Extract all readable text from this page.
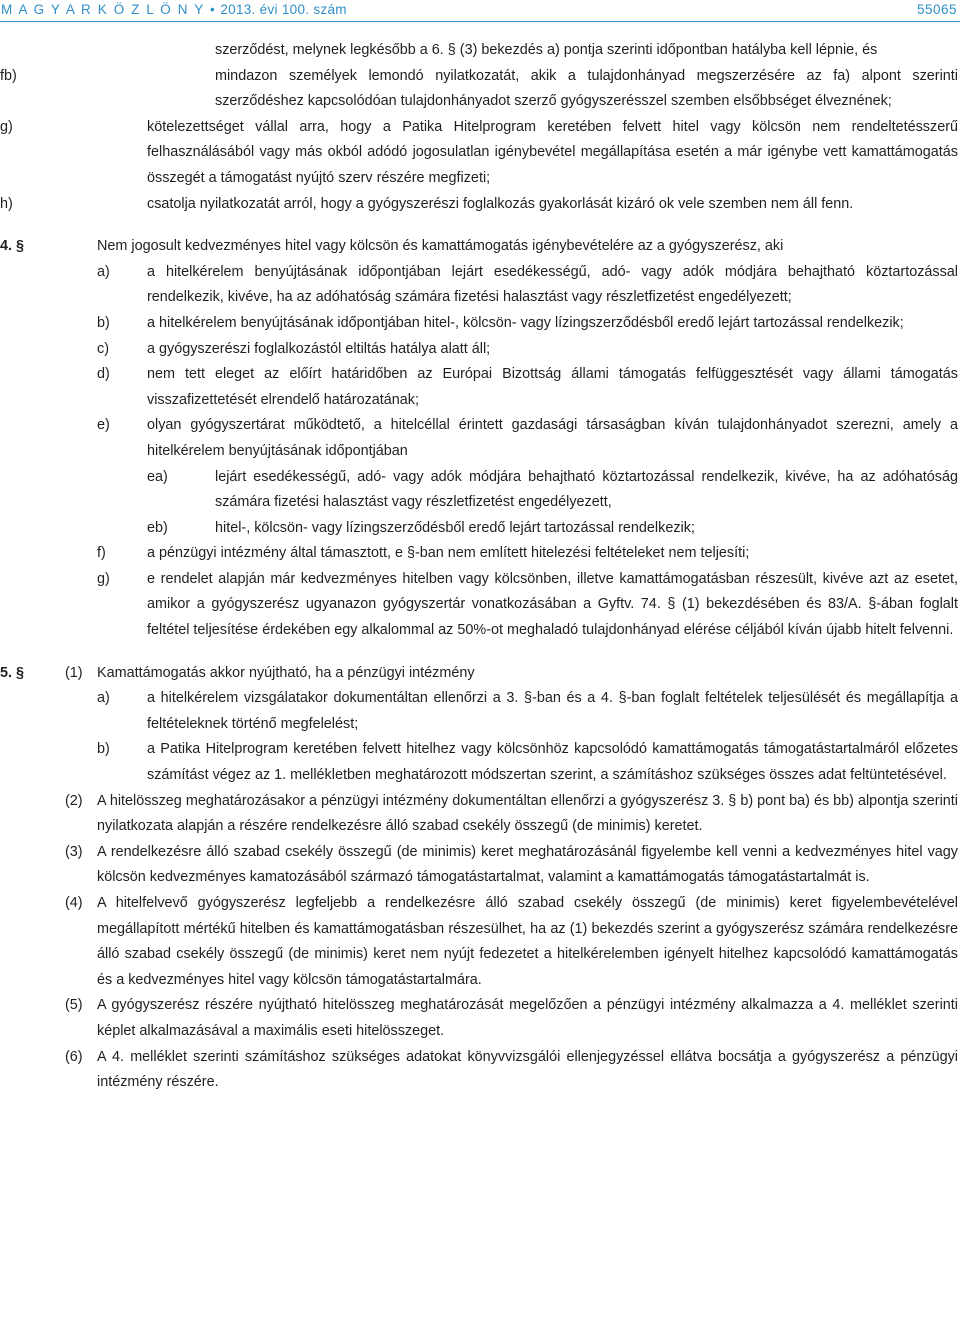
M A G Y A R K Ö Z L Ö N Y • 2013. évi 100. szám	55065
szerződést, melynek legkésőbb a 6. § (3) bekezdés a) pontja szerinti időpontban hatályba kell lépnie, és
fb)	mindazon személyek lemondó nyilatkozatát, akik a tulajdonhányad megszerzésére az fa) alpont szerinti szerződéshez kapcsolódóan tulajdonhányadot szerző gyógyszerésszel szemben elsőbbséget élveznének;
g)	kötelezettséget vállal arra, hogy a Patika Hitelprogram keretében felvett hitel vagy kölcsön nem rendeltetésszerű felhasználásából vagy más okból adódó jogosulatlan igénybevétel megállapítása esetén a már igénybe vett kamattámogatás összegét a támogatást nyújtó szerv részére megfizeti;
h)	csatolja nyilatkozatát arról, hogy a gyógyszerészi foglalkozás gyakorlását kizáró ok vele szemben nem áll fenn.
4. §	Nem jogosult kedvezményes hitel vagy kölcsön és kamattámogatás igénybevételére az a gyógyszerész, aki
a)	a hitelkérelem benyújtásának időpontjában lejárt esedékességű, adó- vagy adók módjára behajtható köztartozással rendelkezik, kivéve, ha az adóhatóság számára fizetési halasztást vagy részletfizetést engedélyezett;
b)	a hitelkérelem benyújtásának időpontjában hitel-, kölcsön- vagy lízingszerződésből eredő lejárt tartozással rendelkezik;
c)	a gyógyszerészi foglalkozástól eltiltás hatálya alatt áll;
d)	nem tett eleget az előírt határidőben az Európai Bizottság állami támogatás felfüggesztését vagy állami támogatás visszafizettetését elrendelő határozatának;
e)	olyan gyógyszertárat működtető, a hitelcéllal érintett gazdasági társaságban kíván tulajdonhányadot szerezni, amely a hitelkérelem benyújtásának időpontjában
ea)	lejárt esedékességű, adó- vagy adók módjára behajtható köztartozással rendelkezik, kivéve, ha az adóhatóság számára fizetési halasztást vagy részletfizetést engedélyezett,
eb)	hitel-, kölcsön- vagy lízingszerződésből eredő lejárt tartozással rendelkezik;
f)	a pénzügyi intézmény által támasztott, e §-ban nem említett hitelezési feltételeket nem teljesíti;
g)	e rendelet alapján már kedvezményes hitelben vagy kölcsönben, illetve kamattámogatásban részesült, kivéve azt az esetet, amikor a gyógyszerész ugyanazon gyógyszertár vonatkozásában a Gyftv. 74. § (1) bekezdésében és 83/A. §-ában foglalt feltétel teljesítése érdekében egy alkalommal az 50%-ot meghaladó tulajdonhányad elérése céljából kíván újabb hitelt felvenni.
5. §	(1)	Kamattámogatás akkor nyújtható, ha a pénzügyi intézmény
a)	a hitelkérelem vizsgálatakor dokumentáltan ellenőrzi a 3. §-ban és a 4. §-ban foglalt feltételek teljesülését és megállapítja a feltételeknek történő megfelelést;
b)	a Patika Hitelprogram keretében felvett hitelhez vagy kölcsönhöz kapcsolódó kamattámogatás támogatástartalmáról előzetes számítást végez az 1. mellékletben meghatározott módszertan szerint, a számításhoz szükséges összes adat feltüntetésével.
(2)	A hitelösszeg meghatározásakor a pénzügyi intézmény dokumentáltan ellenőrzi a gyógyszerész 3. § b) pont ba) és bb) alpontja szerinti nyilatkozata alapján a részére rendelkezésre álló szabad csekély összegű (de minimis) keretet.
(3)	A rendelkezésre álló szabad csekély összegű (de minimis) keret meghatározásánál figyelembe kell venni a kedvezményes hitel vagy kölcsön kedvezményes kamatozásából származó támogatástartalmat, valamint a kamattámogatás támogatástartalmát is.
(4)	A hitelfelvevő gyógyszerész legfeljebb a rendelkezésre álló szabad csekély összegű (de minimis) keret figyelembevételével megállapított mértékű hitelben és kamattámogatásban részesülhet, ha az (1) bekezdés szerint a gyógyszerész számára rendelkezésre álló szabad csekély összegű (de minimis) keret nem nyújt fedezetet a hitelkérelemben igényelt hitelhez kapcsolódó kamattámogatás és a kedvezményes hitel vagy kölcsön támogatástartalmára.
(5)	A gyógyszerész részére nyújtható hitelösszeg meghatározását megelőzően a pénzügyi intézmény alkalmazza a 4. melléklet szerinti képlet alkalmazásával a maximális eseti hitelösszeget.
(6)	A 4. melléklet szerinti számításhoz szükséges adatokat könyvvizsgálói ellenjegyzéssel ellátva bocsátja a gyógyszerész a pénzügyi intézmény részére.
